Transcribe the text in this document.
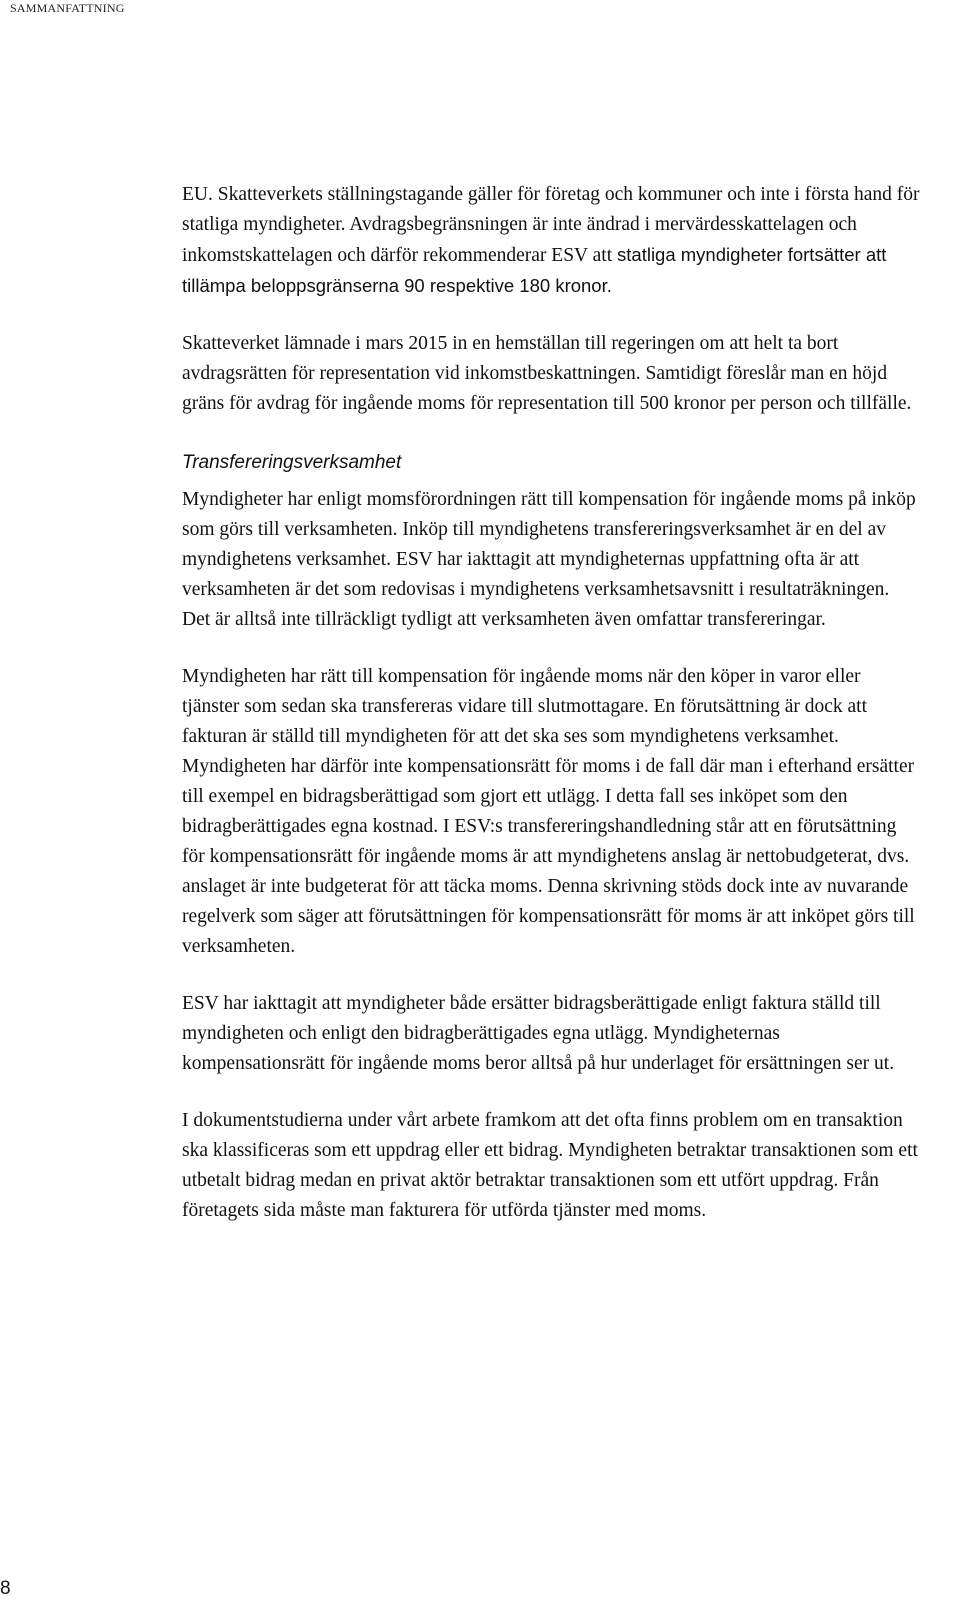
SAMMANFATTNING

EU. Skatteverkets ställningstagande gäller för företag och kommuner och inte i första hand för statliga myndigheter. Avdragsbegränsningen är inte ändrad i mervärdesskattelagen och inkomstskattelagen och därför rekommenderar ESV att statliga myndigheter fortsätter att tillämpa beloppsgränserna 90 respektive 180 kronor.

Skatteverket lämnade i mars 2015 in en hemställan till regeringen om att helt ta bort avdragsrätten för representation vid inkomstbeskattningen. Samtidigt föreslår man en höjd gräns för avdrag för ingående moms för representation till 500 kronor per person och tillfälle.

Transfereringsverksamhet

Myndigheter har enligt momsförordningen rätt till kompensation för ingående moms på inköp som görs till verksamheten. Inköp till myndighetens transfereringsverksamhet är en del av myndighetens verksamhet. ESV har iakttagit att myndigheternas uppfattning ofta är att verksamheten är det som redovisas i myndighetens verksamhetsavsnitt i resultaträkningen. Det är alltså inte tillräckligt tydligt att verksamheten även omfattar transfereringar.

Myndigheten har rätt till kompensation för ingående moms när den köper in varor eller tjänster som sedan ska transfereras vidare till slutmottagare. En förutsättning är dock att fakturan är ställd till myndigheten för att det ska ses som myndighetens verksamhet. Myndigheten har därför inte kompensationsrätt för moms i de fall där man i efterhand ersätter till exempel en bidragsberättigad som gjort ett utlägg. I detta fall ses inköpet som den bidragberättigades egna kostnad. I ESV:s transfereringshandledning står att en förutsättning för kompensationsrätt för ingående moms är att myndighetens anslag är nettobudgeterat, dvs. anslaget är inte budgeterat för att täcka moms. Denna skrivning stöds dock inte av nuvarande regelverk som säger att förutsättningen för kompensationsrätt för moms är att inköpet görs till verksamheten.

ESV har iakttagit att myndigheter både ersätter bidragsberättigade enligt faktura ställd till myndigheten och enligt den bidragberättigades egna utlägg. Myndigheternas kompensationsrätt för ingående moms beror alltså på hur underlaget för ersättningen ser ut.

I dokumentstudierna under vårt arbete framkom att det ofta finns problem om en transaktion ska klassificeras som ett uppdrag eller ett bidrag. Myndigheten betraktar transaktionen som ett utbetalt bidrag medan en privat aktör betraktar transaktionen som ett utfört uppdrag. Från företagets sida måste man fakturera för utförda tjänster med moms.

8
